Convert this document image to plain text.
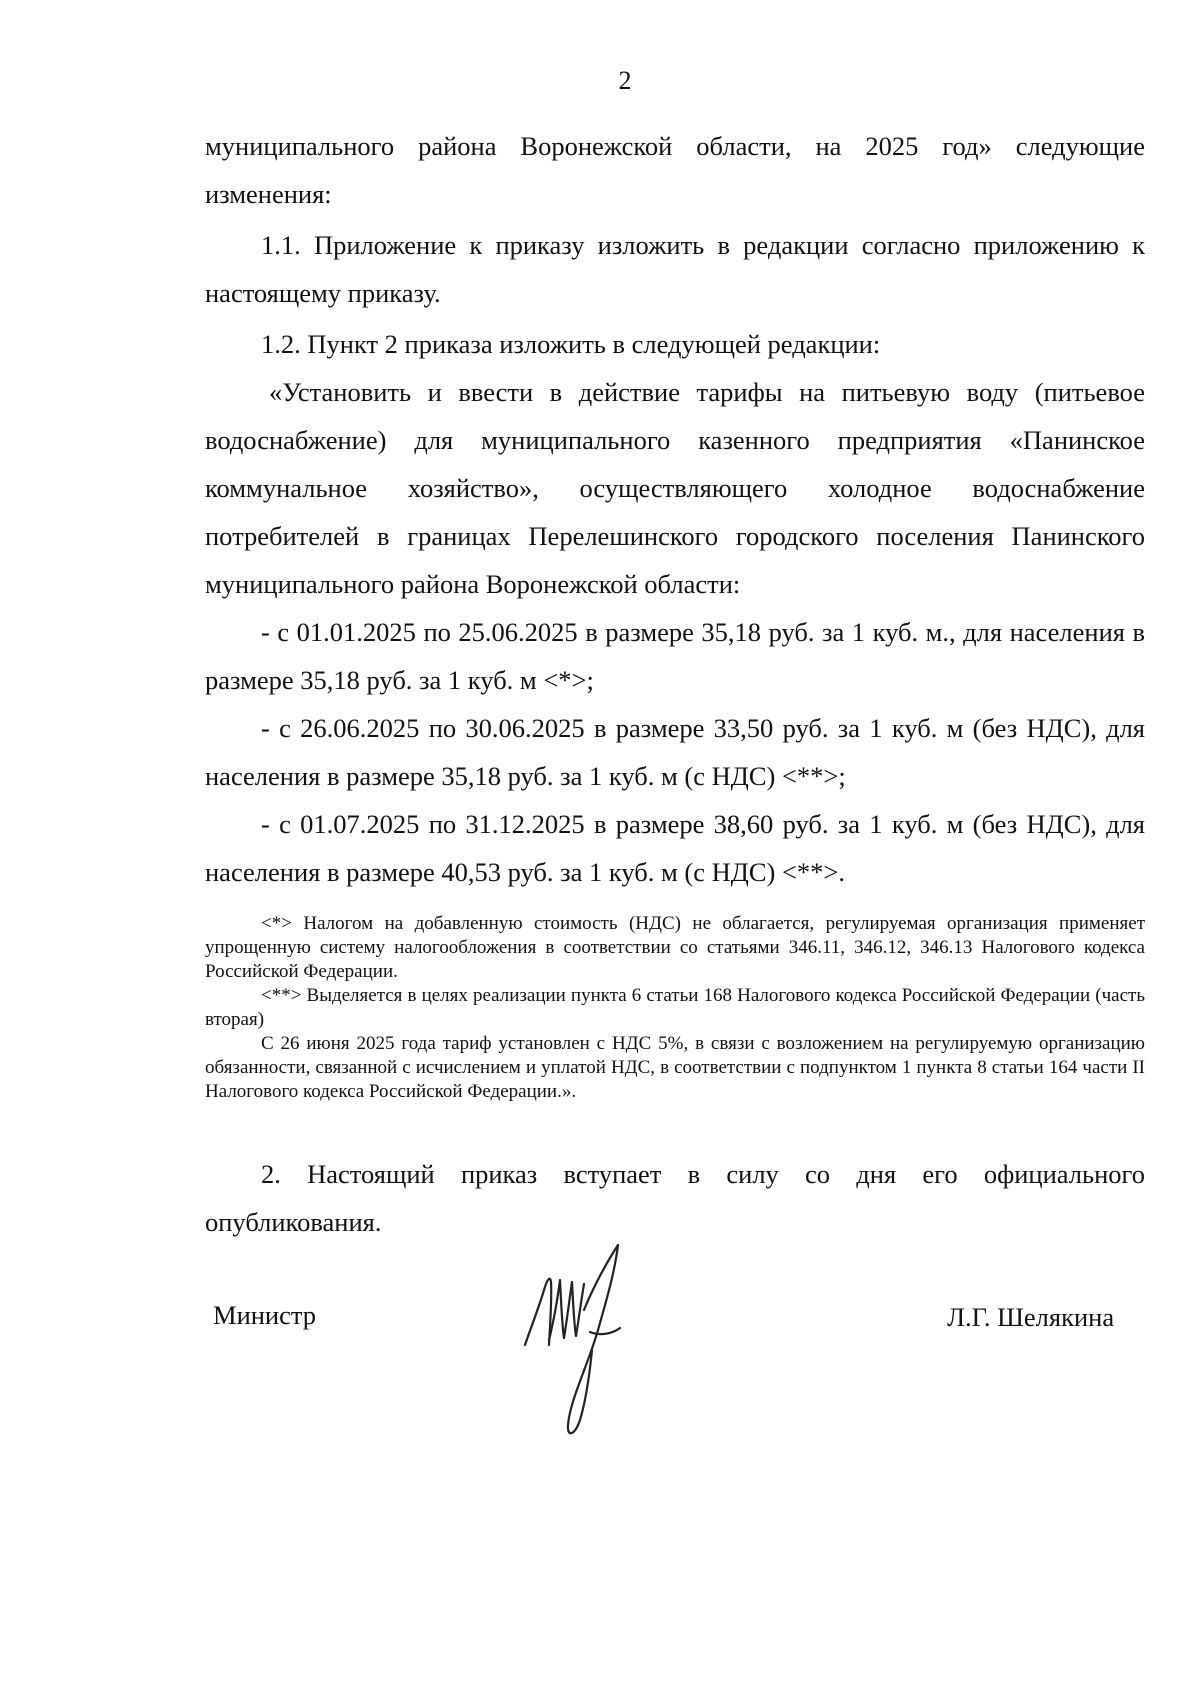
2

муниципального района Воронежской области, на 2025 год» следующие изменения:

1.1. Приложение к приказу изложить в редакции согласно приложению к настоящему приказу.

1.2. Пункт 2 приказа изложить в следующей редакции:

«Установить и ввести в действие тарифы на питьевую воду (питьевое водоснабжение) для муниципального казенного предприятия «Панинское коммунальное хозяйство», осуществляющего холодное водоснабжение потребителей в границах Перелешинского городского поселения Панинского муниципального района Воронежской области:

- с 01.01.2025 по 25.06.2025 в размере 35,18 руб. за 1 куб. м., для населения в размере 35,18 руб. за 1 куб. м <*>;

- с 26.06.2025 по 30.06.2025 в размере 33,50 руб. за 1 куб. м (без НДС), для населения в размере 35,18 руб. за 1 куб. м (с НДС) <**>;

- с 01.07.2025 по 31.12.2025 в размере 38,60 руб. за 1 куб. м (без НДС), для населения в размере 40,53 руб. за 1 куб. м (с НДС) <**>.

<*> Налогом на добавленную стоимость (НДС) не облагается, регулируемая организация применяет упрощенную систему налогообложения в соответствии со статьями 346.11, 346.12, 346.13 Налогового кодекса Российской Федерации.

<**> Выделяется в целях реализации пункта 6 статьи 168 Налогового кодекса Российской Федерации (часть вторая)

С 26 июня 2025 года тариф установлен с НДС 5%, в связи с возложением на регулируемую организацию обязанности, связанной с исчислением и уплатой НДС, в соответствии с подпунктом 1 пункта 8 статьи 164 части II Налогового кодекса Российской Федерации.».

2. Настоящий приказ вступает в силу со дня его официального опубликования.

Министр	Л.Г. Шелякина
